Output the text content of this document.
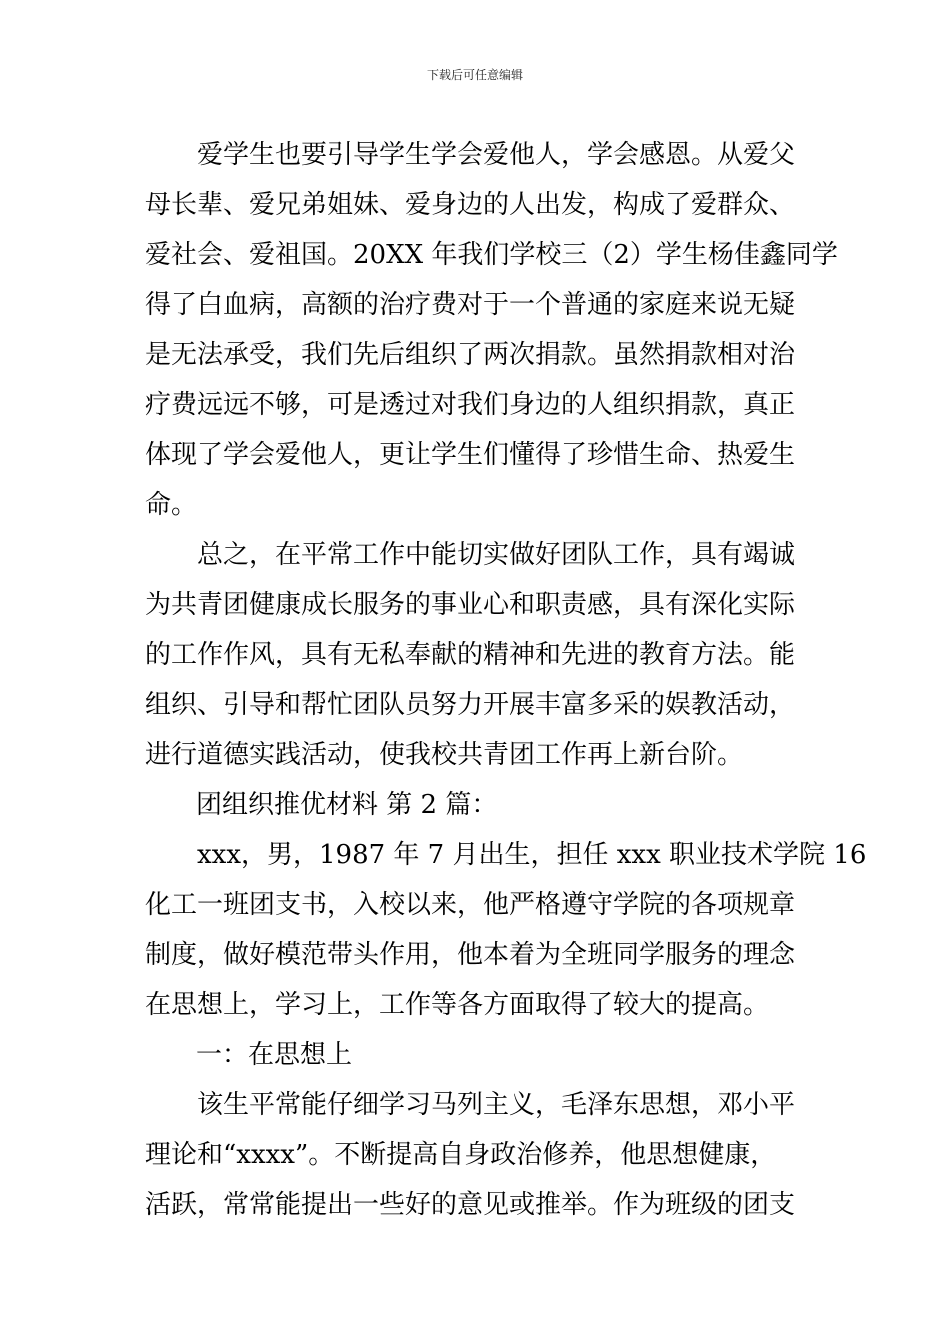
下载后可任意编辑
爱学生也要引导学生学会爱他人，学会感恩。从爱父
母长辈、爱兄弟姐妹、爱身边的人出发，构成了爱群众、
爱社会、爱祖国。20XX 年我们学校三（2）学生杨佳鑫同学
得了白血病，高额的治疗费对于一个普通的家庭来说无疑
是无法承受，我们先后组织了两次捐款。虽然捐款相对治
疗费远远不够，可是透过对我们身边的人组织捐款，真正
体现了学会爱他人，更让学生们懂得了珍惜生命、热爱生
命。
总之，在平常工作中能切实做好团队工作，具有竭诚
为共青团健康成长服务的事业心和职责感，具有深化实际
的工作作风，具有无私奉献的精神和先进的教育方法。能
组织、引导和帮忙团队员努力开展丰富多采的娱教活动，
进行道德实践活动，使我校共青团工作再上新台阶。
团组织推优材料 第 2 篇：
xxx，男，1987 年 7 月出生，担任 xxx 职业技术学院 16
化工一班团支书，入校以来，他严格遵守学院的各项规章
制度，做好模范带头作用，他本着为全班同学服务的理念
在思想上，学习上，工作等各方面取得了较大的提高。
一：在思想上
该生平常能仔细学习马列主义，毛泽东思想，邓小平
理论和“xxxx”。不断提高自身政治修养，他思想健康，
活跃，常常能提出一些好的意见或推举。作为班级的团支
